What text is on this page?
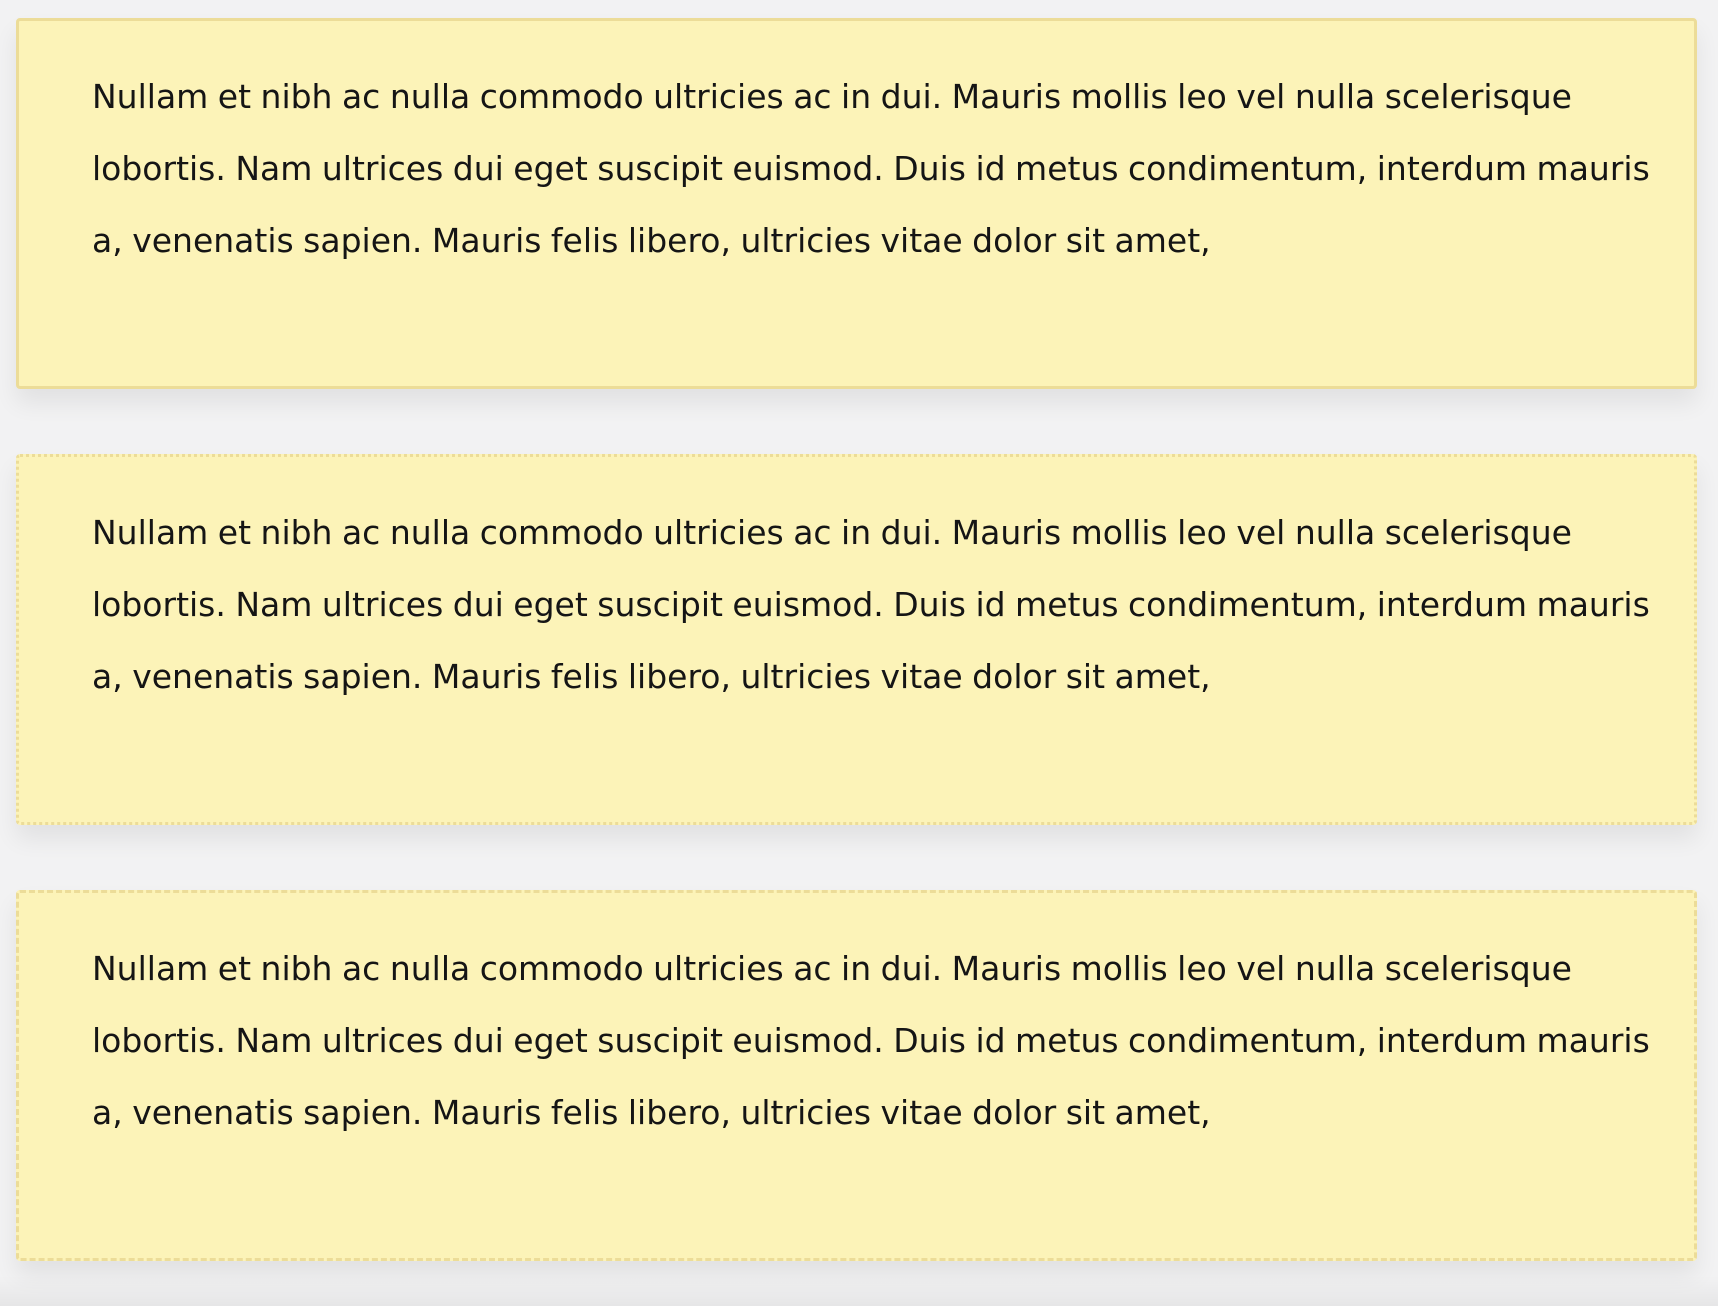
Nullam et nibh ac nulla commodo ultricies ac in dui. Mauris mollis leo vel nulla scelerisque lobortis. Nam ultrices dui eget suscipit euismod. Duis id metus condimentum, interdum mauris a, venenatis sapien. Mauris felis libero, ultricies vitae dolor sit amet,

Nullam et nibh ac nulla commodo ultricies ac in dui. Mauris mollis leo vel nulla scelerisque lobortis. Nam ultrices dui eget suscipit euismod. Duis id metus condimentum, interdum mauris a, venenatis sapien. Mauris felis libero, ultricies vitae dolor sit amet,

Nullam et nibh ac nulla commodo ultricies ac in dui. Mauris mollis leo vel nulla scelerisque lobortis. Nam ultrices dui eget suscipit euismod. Duis id metus condimentum, interdum mauris a, venenatis sapien. Mauris felis libero, ultricies vitae dolor sit amet,
